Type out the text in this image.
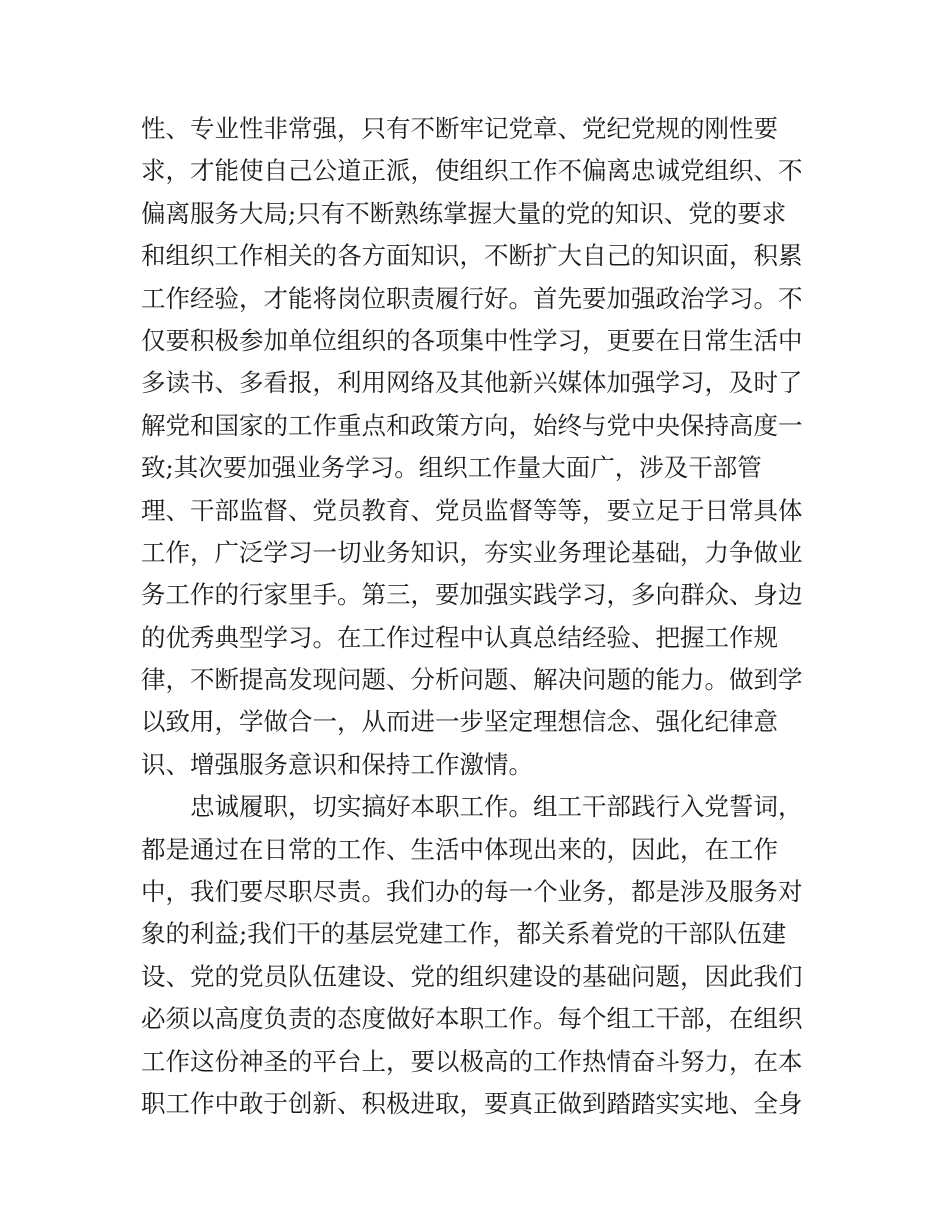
性、专业性非常强，只有不断牢记党章、党纪党规的刚性要
求，才能使自己公道正派，使组织工作不偏离忠诚党组织、不
偏离服务大局;只有不断熟练掌握大量的党的知识、党的要求
和组织工作相关的各方面知识，不断扩大自己的知识面，积累
工作经验，才能将岗位职责履行好。首先要加强政治学习。不
仅要积极参加单位组织的各项集中性学习，更要在日常生活中
多读书、多看报，利用网络及其他新兴媒体加强学习，及时了
解党和国家的工作重点和政策方向，始终与党中央保持高度一
致;其次要加强业务学习。组织工作量大面广，涉及干部管
理、干部监督、党员教育、党员监督等等，要立足于日常具体
工作，广泛学习一切业务知识，夯实业务理论基础，力争做业
务工作的行家里手。第三，要加强实践学习，多向群众、身边
的优秀典型学习。在工作过程中认真总结经验、把握工作规
律，不断提高发现问题、分析问题、解决问题的能力。做到学
以致用，学做合一，从而进一步坚定理想信念、强化纪律意
识、增强服务意识和保持工作激情。
忠诚履职，切实搞好本职工作。组工干部践行入党誓词，
都是通过在日常的工作、生活中体现出来的，因此，在工作
中，我们要尽职尽责。我们办的每一个业务，都是涉及服务对
象的利益;我们干的基层党建工作，都关系着党的干部队伍建
设、党的党员队伍建设、党的组织建设的基础问题，因此我们
必须以高度负责的态度做好本职工作。每个组工干部，在组织
工作这份神圣的平台上，要以极高的工作热情奋斗努力，在本
职工作中敢于创新、积极进取，要真正做到踏踏实实地、全身
